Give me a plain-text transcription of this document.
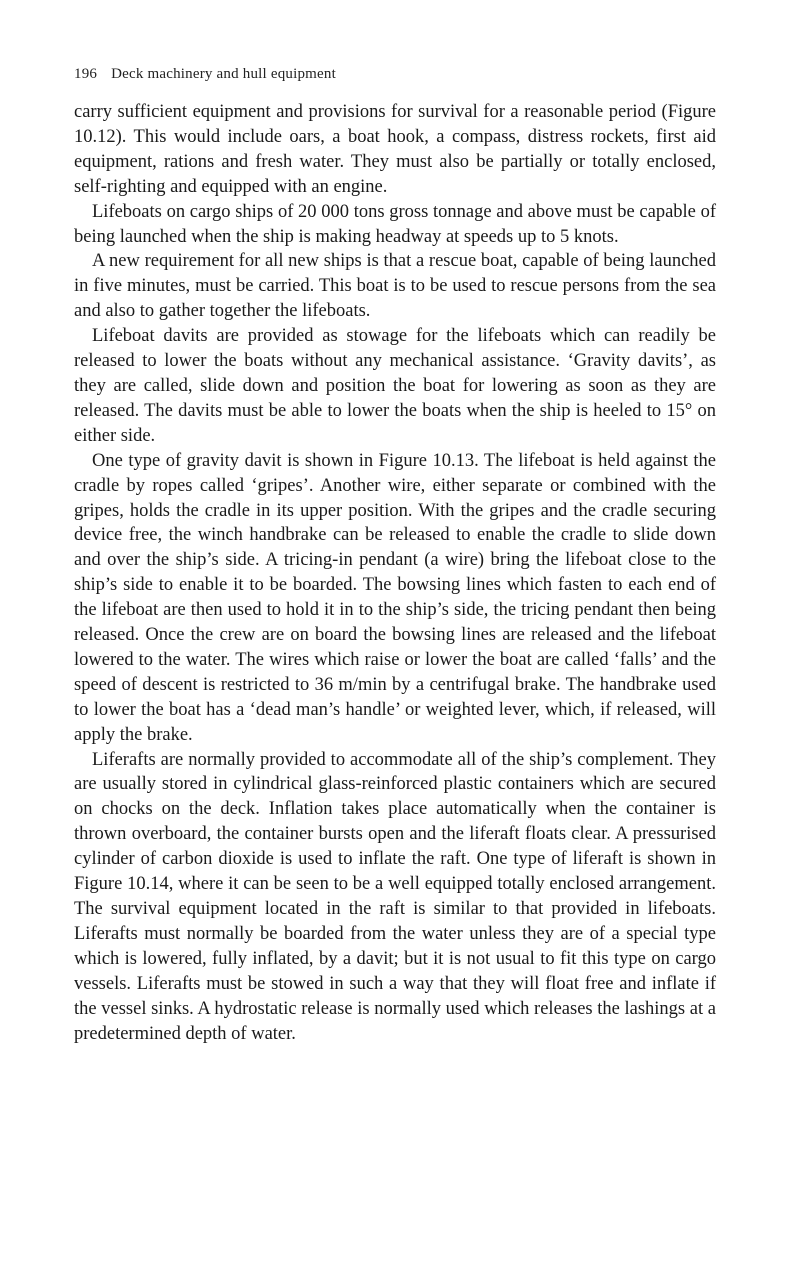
196 Deck machinery and hull equipment

carry sufficient equipment and provisions for survival for a reasonable period (Figure 10.12). This would include oars, a boat hook, a compass, distress rockets, first aid equipment, rations and fresh water. They must also be partially or totally enclosed, self-righting and equipped with an engine.

Lifeboats on cargo ships of 20 000 tons gross tonnage and above must be capable of being launched when the ship is making headway at speeds up to 5 knots.

A new requirement for all new ships is that a rescue boat, capable of being launched in five minutes, must be carried. This boat is to be used to rescue persons from the sea and also to gather together the lifeboats.

Lifeboat davits are provided as stowage for the lifeboats which can readily be released to lower the boats without any mechanical assistance. ‘Gravity davits’, as they are called, slide down and position the boat for lowering as soon as they are released. The davits must be able to lower the boats when the ship is heeled to 15° on either side.

One type of gravity davit is shown in Figure 10.13. The lifeboat is held against the cradle by ropes called ‘gripes’. Another wire, either separate or combined with the gripes, holds the cradle in its upper position. With the gripes and the cradle securing device free, the winch handbrake can be released to enable the cradle to slide down and over the ship’s side. A tricing-in pendant (a wire) bring the lifeboat close to the ship’s side to enable it to be boarded. The bowsing lines which fasten to each end of the lifeboat are then used to hold it in to the ship’s side, the tricing pendant then being released. Once the crew are on board the bowsing lines are released and the lifeboat lowered to the water. The wires which raise or lower the boat are called ‘falls’ and the speed of descent is restricted to 36 m/min by a centrifugal brake. The handbrake used to lower the boat has a ‘dead man’s handle’ or weighted lever, which, if released, will apply the brake.

Liferafts are normally provided to accommodate all of the ship’s complement. They are usually stored in cylindrical glass-reinforced plastic containers which are secured on chocks on the deck. Inflation takes place automatically when the container is thrown overboard, the container bursts open and the liferaft floats clear. A pressurised cylinder of carbon dioxide is used to inflate the raft. One type of liferaft is shown in Figure 10.14, where it can be seen to be a well equipped totally enclosed arrangement. The survival equipment located in the raft is similar to that provided in lifeboats. Liferafts must normally be boarded from the water unless they are of a special type which is lowered, fully inflated, by a davit; but it is not usual to fit this type on cargo vessels. Liferafts must be stowed in such a way that they will float free and inflate if the vessel sinks. A hydrostatic release is normally used which releases the lashings at a predetermined depth of water.
